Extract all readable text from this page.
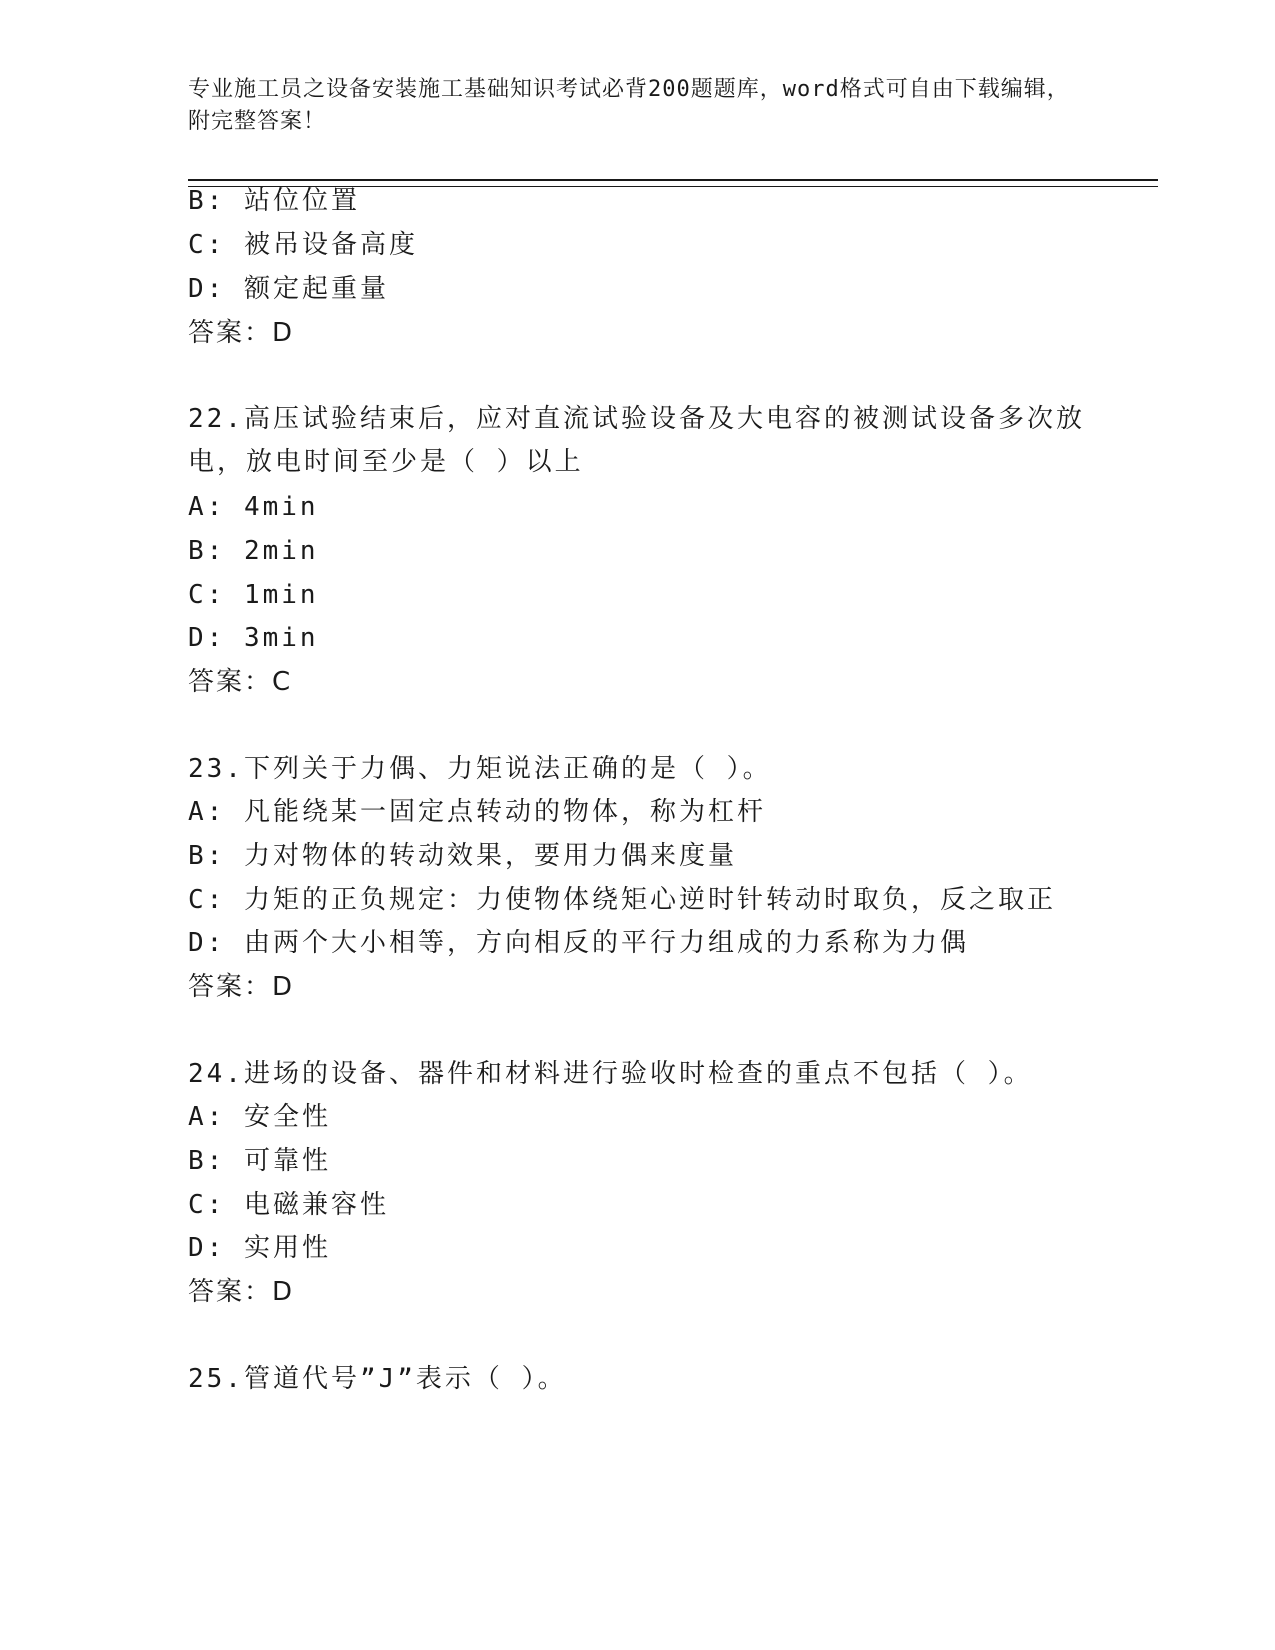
专业施工员之设备安装施工基础知识考试必背200题题库，word格式可自由下载编辑，附完整答案！
B: 站位位置
C: 被吊设备高度
D: 额定起重量
答案：D
22.高压试验结束后，应对直流试验设备及大电容的被测试设备多次放电，放电时间至少是（ ）以上
A: 4min
B: 2min
C: 1min
D: 3min
答案：C
23.下列关于力偶、力矩说法正确的是（ ）。
A: 凡能绕某一固定点转动的物体，称为杠杆
B: 力对物体的转动效果，要用力偶来度量
C: 力矩的正负规定：力使物体绕矩心逆时针转动时取负，反之取正
D: 由两个大小相等，方向相反的平行力组成的力系称为力偶
答案：D
24.进场的设备、器件和材料进行验收时检查的重点不包括（ ）。
A: 安全性
B: 可靠性
C: 电磁兼容性
D: 实用性
答案：D
25.管道代号”J”表示（ ）。
